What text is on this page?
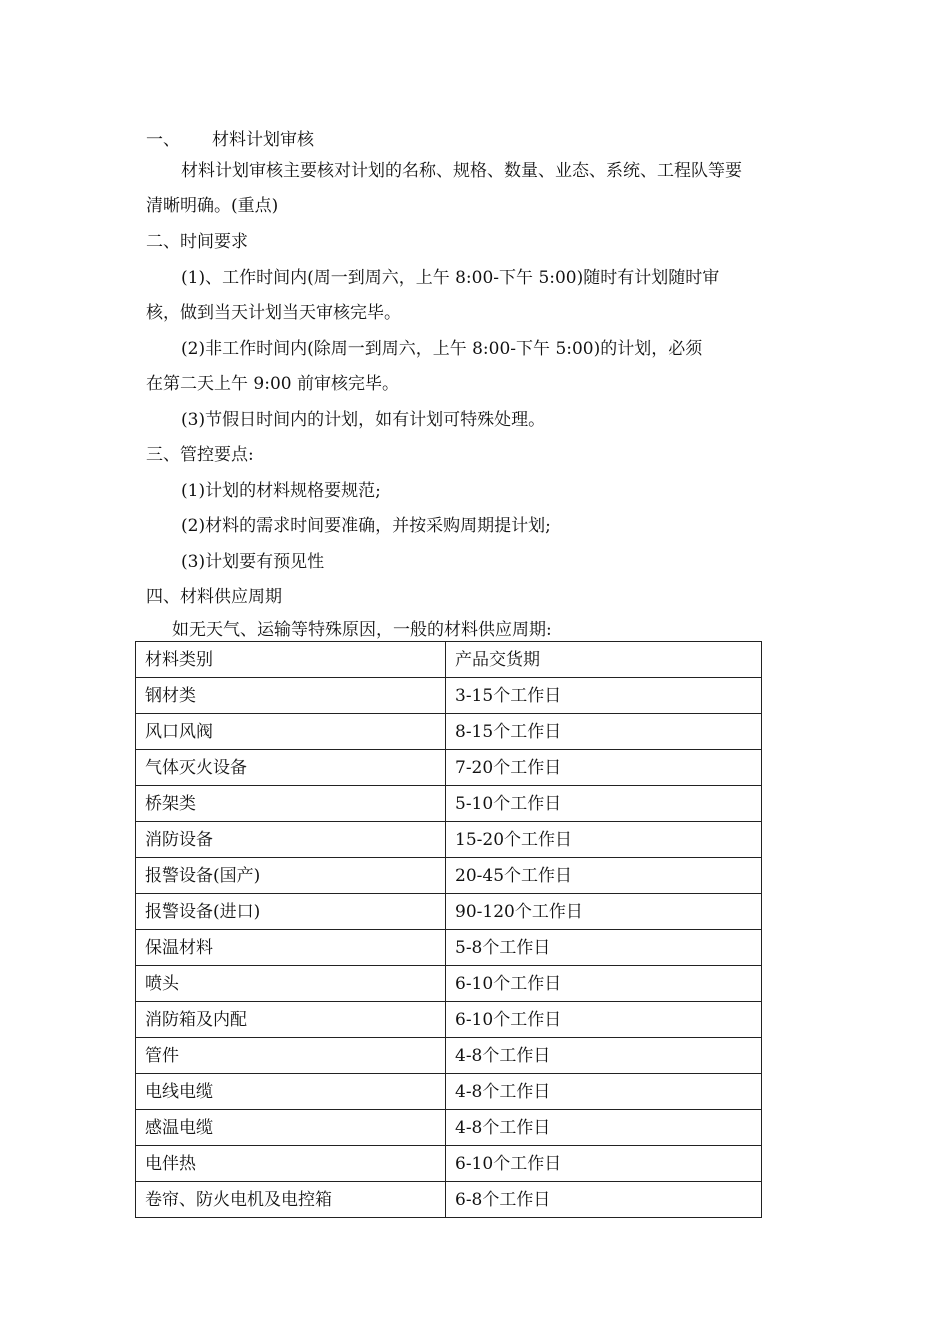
一、 材料计划审核
材料计划审核主要核对计划的名称、规格、数量、业态、系统、工程队等要
清晰明确。(重点)
二、时间要求
(1)、工作时间内(周一到周六，上午 8:00-下午 5:00)随时有计划随时审
核，做到当天计划当天审核完毕。
(2)非工作时间内(除周一到周六，上午 8:00-下午 5:00)的计划，必须
在第二天上午 9:00 前审核完毕。
(3)节假日时间内的计划，如有计划可特殊处理。
三、管控要点:
(1)计划的材料规格要规范;
(2)材料的需求时间要准确，并按采购周期提计划;
(3)计划要有预见性
四、材料供应周期
如无天气、运输等特殊原因，一般的材料供应周期:
材料类别	产品交货期
钢材类	3-15个工作日
风口风阀	8-15个工作日
气体灭火设备	7-20个工作日
桥架类	5-10个工作日
消防设备	15-20个工作日
报警设备(国产)	20-45个工作日
报警设备(进口)	90-120个工作日
保温材料	5-8个工作日
喷头	6-10个工作日
消防箱及内配	6-10个工作日
管件	4-8个工作日
电线电缆	4-8个工作日
感温电缆	4-8个工作日
电伴热	6-10个工作日
卷帘、防火电机及电控箱	6-8个工作日
